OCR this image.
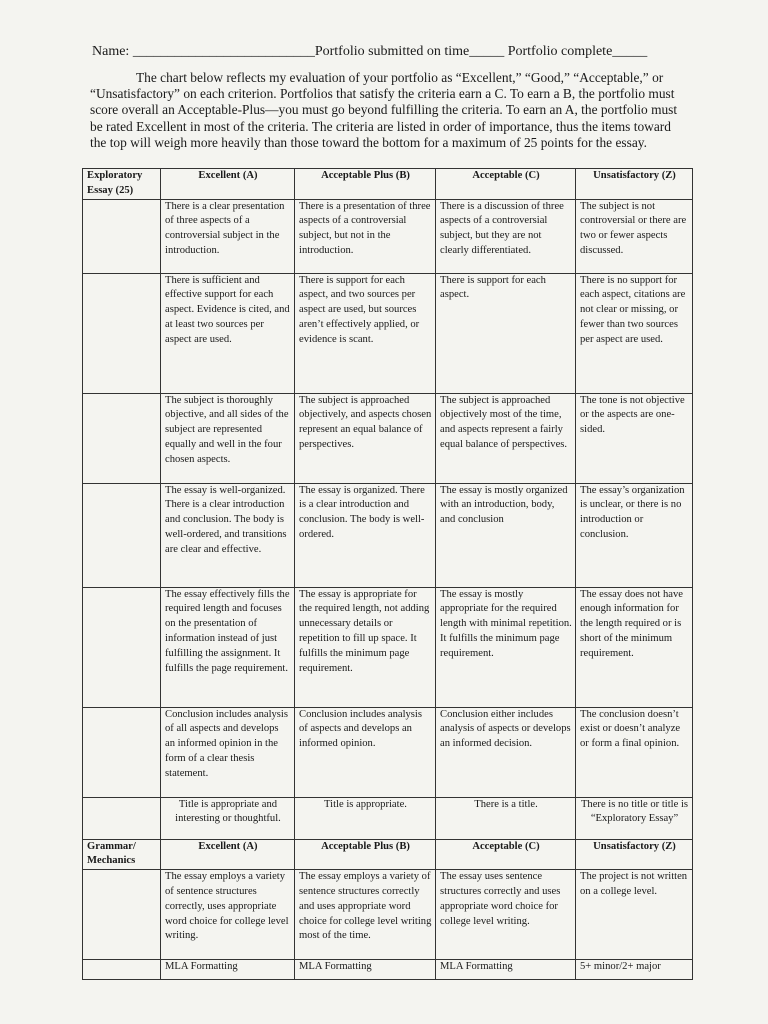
Name: __________________________Portfolio submitted on time_____ Portfolio complete_____
The chart below reflects my evaluation of your portfolio as “Excellent,” “Good,” “Acceptable,” or “Unsatisfactory” on each criterion. Portfolios that satisfy the criteria earn a C. To earn a B, the portfolio must score overall an Acceptable-Plus—you must go beyond fulfilling the criteria. To earn an A, the portfolio must be rated Excellent in most of the criteria. The criteria are listed in order of importance, thus the items toward the top will weigh more heavily than those toward the bottom for a maximum of 25 points for the essay.
Exploratory Essay (25)	Excellent (A)	Acceptable Plus (B)	Acceptable (C)	Unsatisfactory (Z)
	There is a clear presentation of three aspects of a controversial subject in the introduction.	There is a presentation of three aspects of a controversial subject, but not in the introduction.	There is a discussion of three aspects of a controversial subject, but they are not clearly differentiated.	The subject is not controversial or there are two or fewer aspects discussed.
	There is sufficient and effective support for each aspect. Evidence is cited, and at least two sources per aspect are used.	There is support for each aspect, and two sources per aspect are used, but sources aren’t effectively applied, or evidence is scant.	There is support for each aspect.	There is no support for each aspect, citations are not clear or missing, or fewer than two sources per aspect are used.
	The subject is thoroughly objective, and all sides of the subject are represented equally and well in the four chosen aspects.	The subject is approached objectively, and aspects chosen represent an equal balance of perspectives.	The subject is approached objectively most of the time, and aspects represent a fairly equal balance of perspectives.	The tone is not objective or the aspects are one-sided.
	The essay is well-organized. There is a clear introduction and conclusion. The body is well-ordered, and transitions are clear and effective.	The essay is organized. There is a clear introduction and conclusion. The body is well-ordered.	The essay is mostly organized with an introduction, body, and conclusion	The essay’s organization is unclear, or there is no introduction or conclusion.
	The essay effectively fills the required length and focuses on the presentation of information instead of just fulfilling the assignment. It fulfills the page requirement.	The essay is appropriate for the required length, not adding unnecessary details or repetition to fill up space. It fulfills the minimum page requirement.	The essay is mostly appropriate for the required length with minimal repetition. It fulfills the minimum page requirement.	The essay does not have enough information for the length required or is short of the minimum requirement.
	Conclusion includes analysis of all aspects and develops an informed opinion in the form of a clear thesis statement.	Conclusion includes analysis of aspects and develops an informed opinion.	Conclusion either includes analysis of aspects or develops an informed decision.	The conclusion doesn’t exist or doesn’t analyze or form a final opinion.
	Title is appropriate and interesting or thoughtful.	Title is appropriate.	There is a title.	There is no title or title is “Exploratory Essay”
Grammar/ Mechanics	Excellent (A)	Acceptable Plus (B)	Acceptable (C)	Unsatisfactory (Z)
	The essay employs a variety of sentence structures correctly, uses appropriate word choice for college level writing.	The essay employs a variety of sentence structures correctly and uses appropriate word choice for college level writing most of the time.	The essay uses sentence structures correctly and uses appropriate word choice for college level writing.	The project is not written on a college level.
	MLA Formatting	MLA Formatting	MLA Formatting	5+ minor/2+ major
